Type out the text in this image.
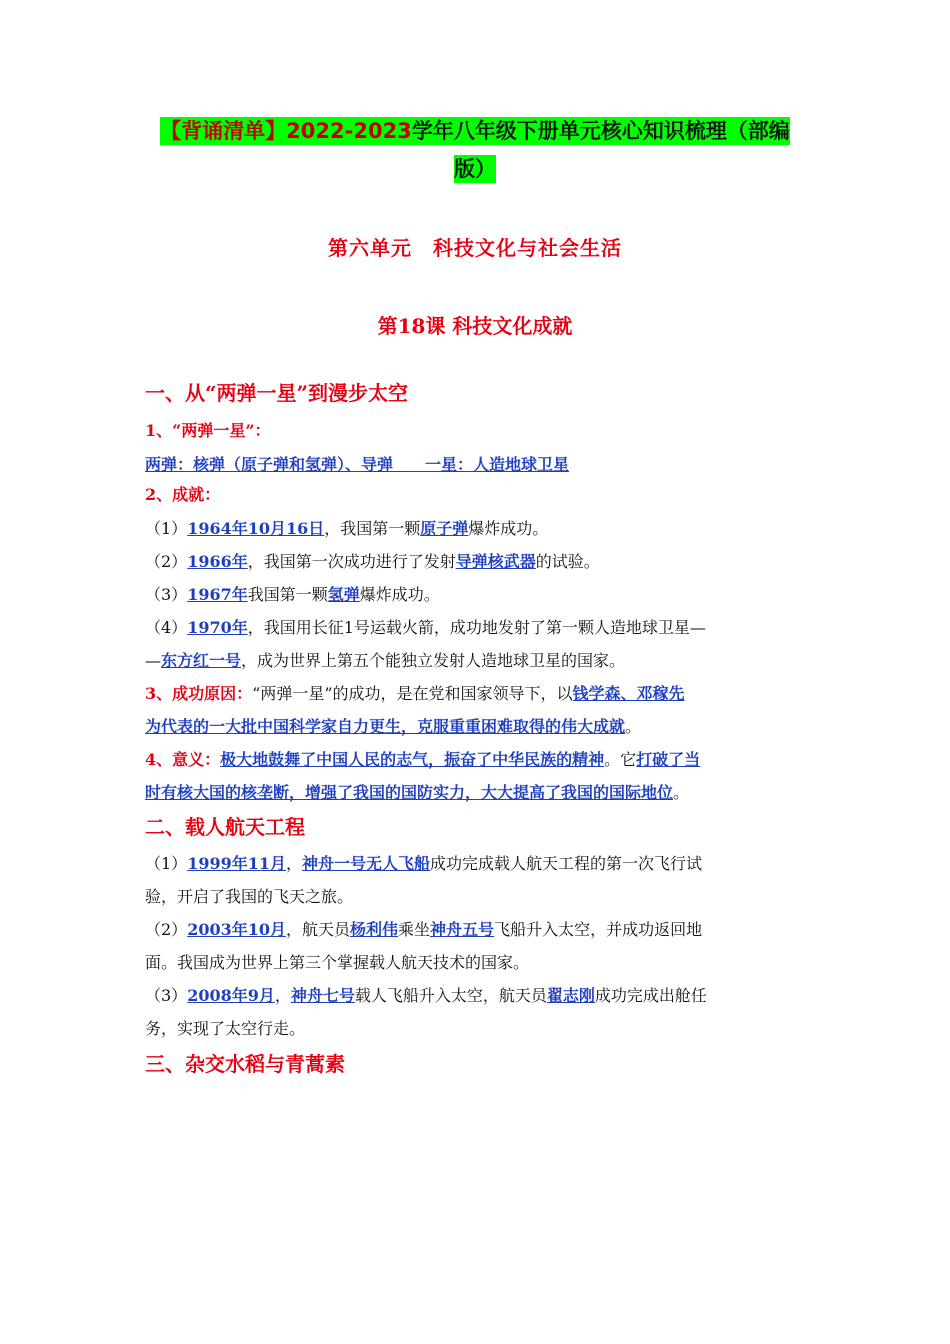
【背诵清单】2022-2023学年八年级下册单元核心知识梳理（部编
版）
第六单元　科技文化与社会生活
第18课 科技文化成就
一、从“两弹一星”到漫步太空
1、“两弹一星”：
两弹：核弹（原子弹和氢弹）、导弹　　一星：人造地球卫星
2、成就：
（1）1964年10月16日，我国第一颗原子弹爆炸成功。
（2）1966年，我国第一次成功进行了发射导弹核武器的试验。
（3）1967年我国第一颗氢弹爆炸成功。
（4）1970年，我国用长征1号运载火箭，成功地发射了第一颗人造地球卫星—
—东方红一号，成为世界上第五个能独立发射人造地球卫星的国家。
3、成功原因：“两弹一星”的成功，是在党和国家领导下，以钱学森、邓稼先
为代表的一大批中国科学家自力更生，克服重重困难取得的伟大成就。
4、意义：极大地鼓舞了中国人民的志气，振奋了中华民族的精神。它打破了当
时有核大国的核垄断，增强了我国的国防实力，大大提高了我国的国际地位。
二、载人航天工程
（1）1999年11月，神舟一号无人飞船成功完成载人航天工程的第一次飞行试
验，开启了我国的飞天之旅。
（2）2003年10月，航天员杨利伟乘坐神舟五号飞船升入太空，并成功返回地
面。我国成为世界上第三个掌握载人航天技术的国家。
（3）2008年9月，神舟七号载人飞船升入太空，航天员翟志刚成功完成出舱任
务，实现了太空行走。
三、杂交水稻与青蒿素
